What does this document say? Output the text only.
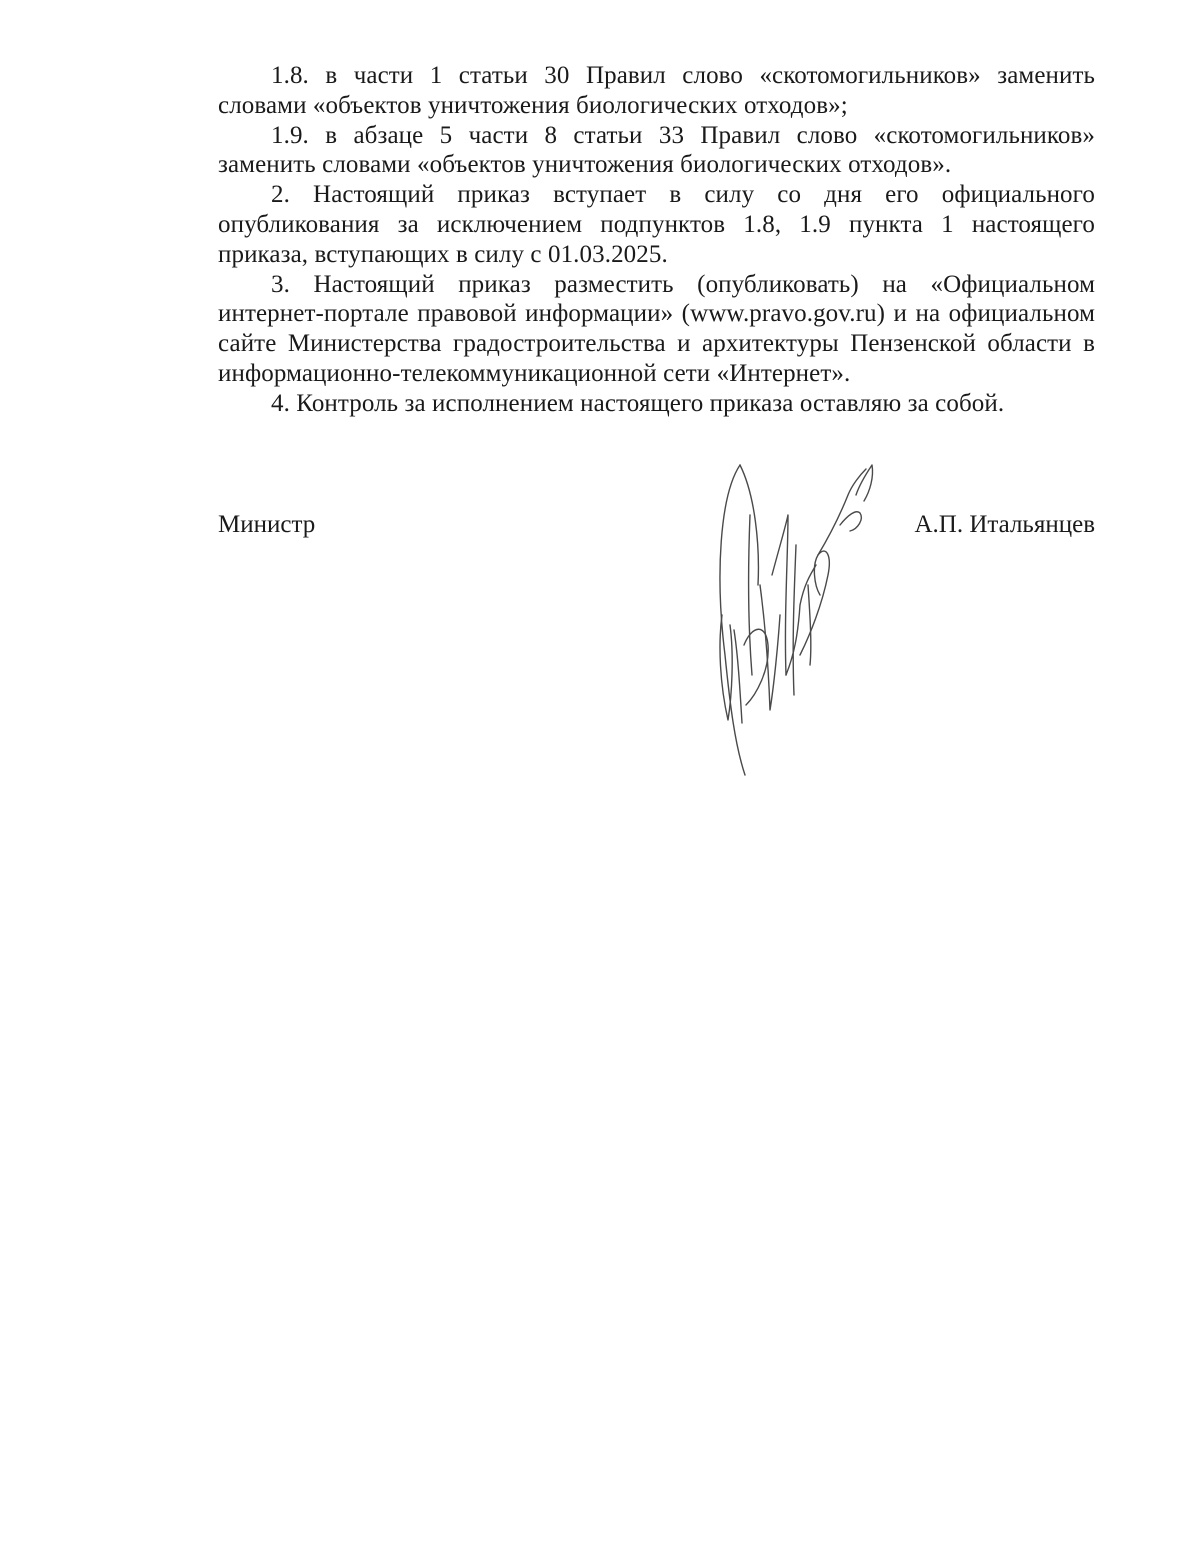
1.8. в части 1 статьи 30 Правил слово «скотомогильников» заменить словами «объектов уничтожения биологических отходов»;

1.9. в абзаце 5 части 8 статьи 33 Правил слово «скотомогильников» заменить словами «объектов уничтожения биологических отходов».

2. Настоящий приказ вступает в силу со дня его официального опубликования за исключением подпунктов 1.8, 1.9 пункта 1 настоящего приказа, вступающих в силу с 01.03.2025.

3. Настоящий приказ разместить (опубликовать) на «Официальном интернет-портале правовой информации» (www.pravo.gov.ru) и на официальном сайте Министерства градостроительства и архитектуры Пензенской области в информационно-телекоммуникационной сети «Интернет».

4. Контроль за исполнением настоящего приказа оставляю за собой.

Министр	А.П. Итальянцев
